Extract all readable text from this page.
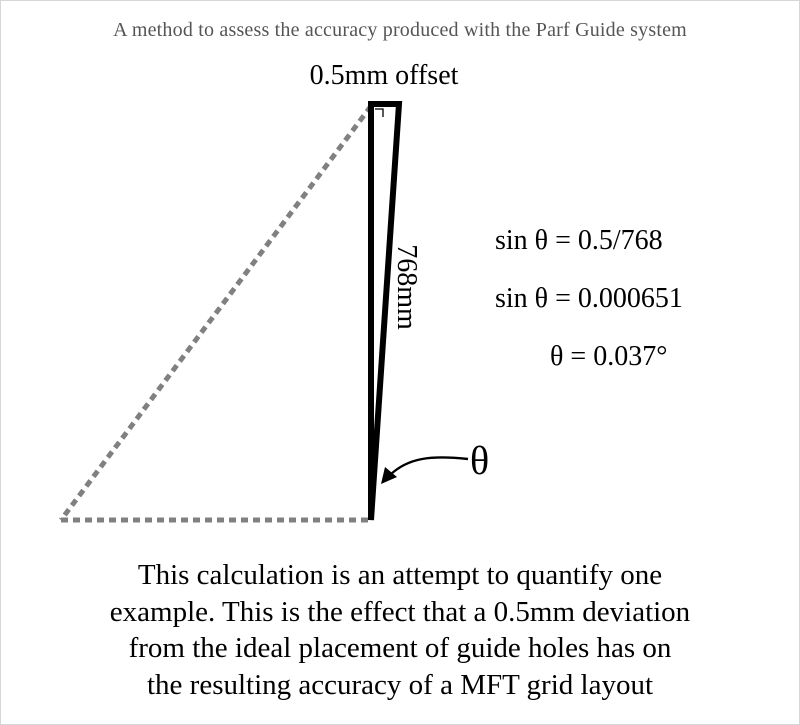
A method to assess the accuracy produced with the Parf Guide system
0.5mm offset
768mm
θ
sin θ = 0.5/768
sin θ = 0.000651
θ = 0.037°
This calculation is an attempt to quantify one
example. This is the effect that a 0.5mm deviation
from the ideal placement of guide holes has on
the resulting accuracy of a MFT grid layout
